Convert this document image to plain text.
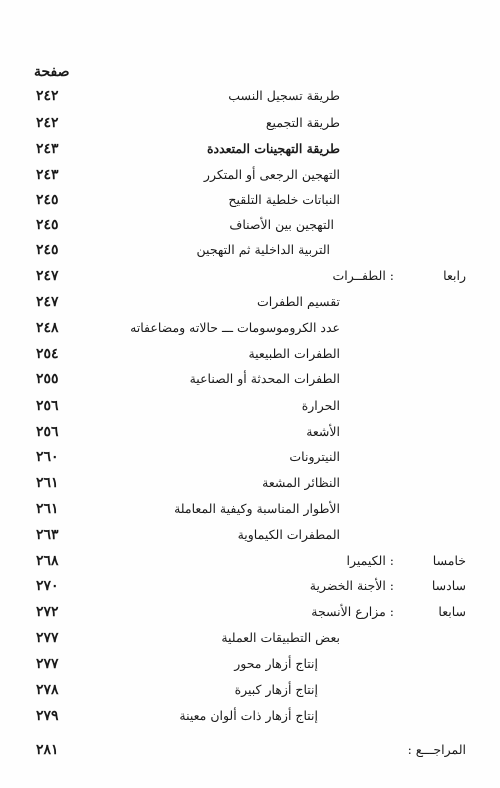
صفحة
طريقة تسجيل النسب
٢٤٢
طريقة التجميع
٢٤٢
طريقة التهجينات المتعددة
٢٤٣
التهجين الرجعى أو المتكرر
٢٤٣
النباتات خلطية التلقيح
٢٤٥
التهجين بين الأصناف
٢٤٥
التربية الداخلية ثم التهجين
٢٤٥
رابعا
: الطفــرات
٢٤٧
تقسيم الطفرات
٢٤٧
عدد الكروموسومات ـــ حالاته ومضاعفاته
٢٤٨
الطفرات الطبيعية
٢٥٤
الطفرات المحدثة أو الصناعية
٢٥٥
الحرارة
٢٥٦
الأشعة
٢٥٦
النيترونات
٢٦٠
النظائر المشعة
٢٦١
الأطوار المناسبة وكيفية المعاملة
٢٦١
المطفرات الكيماوية
٢٦٣
خامسا
: الكيميرا
٢٦٨
سادسا
: الأجنة الخضرية
٢٧٠
سابعا
: مزارع الأنسجة
٢٧٢
بعض التطبيقات العملية
٢٧٧
إنتاج أزهار محور
٢٧٧
إنتاج أزهار كبيرة
٢٧٨
إنتاج أزهار ذات ألوان معينة
٢٧٩
المراجـــع :
٢٨١
